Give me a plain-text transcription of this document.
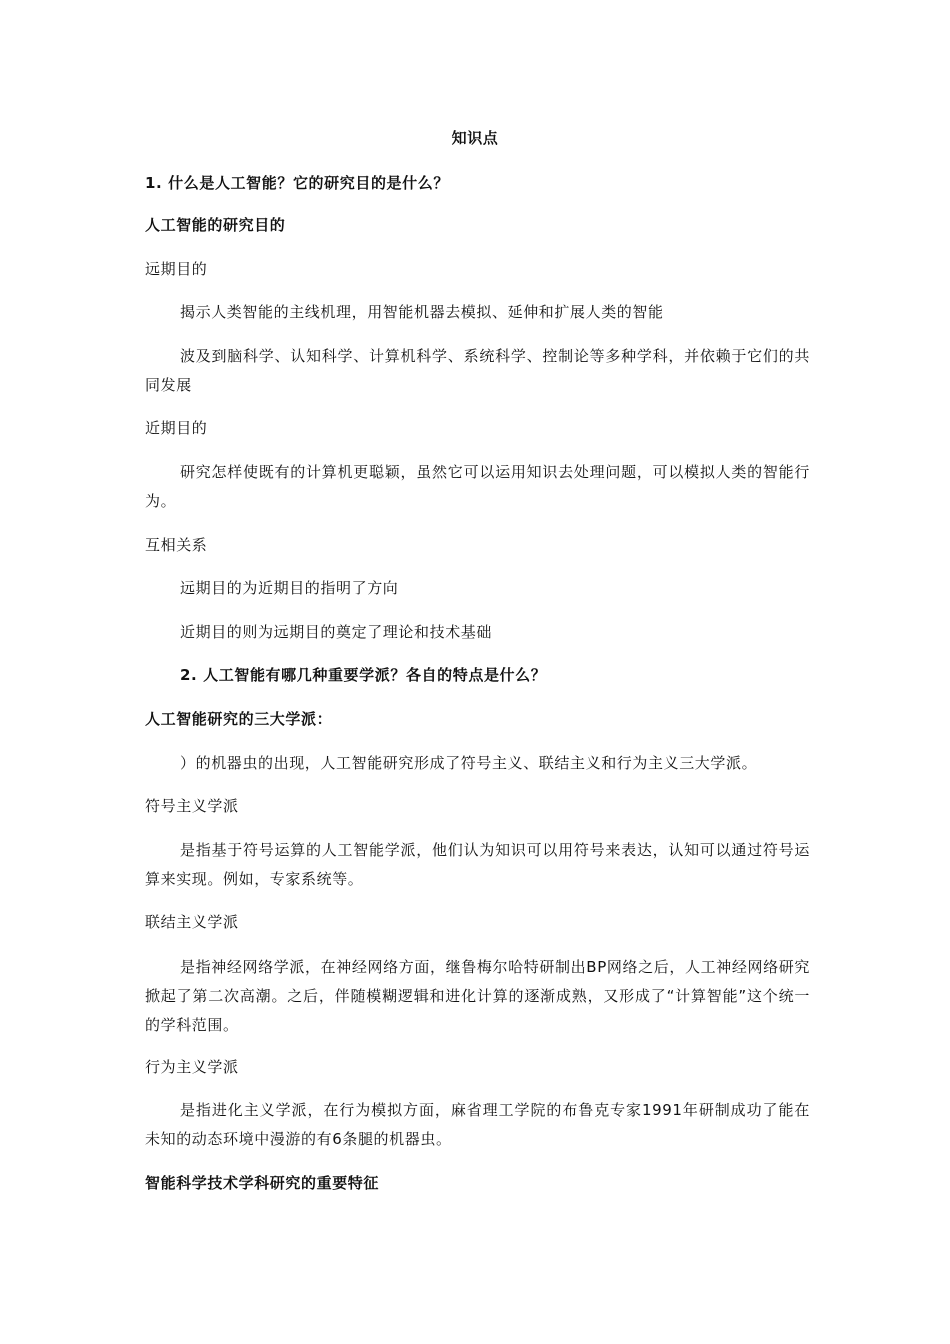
知识点
1. 什么是人工智能？它的研究目的是什么？
人工智能的研究目的
远期目的
揭示人类智能的主线机理，用智能机器去模拟、延伸和扩展人类的智能
波及到脑科学、认知科学、计算机科学、系统科学、控制论等多种学科，并依赖于它们的共同发展
近期目的
研究怎样使既有的计算机更聪颖，虽然它可以运用知识去处理问题，可以模拟人类的智能行为。
互相关系
远期目的为近期目的指明了方向
近期目的则为远期目的奠定了理论和技术基础
2. 人工智能有哪几种重要学派？各自的特点是什么？
人工智能研究的三大学派：
）的机器虫的出现，人工智能研究形成了符号主义、联结主义和行为主义三大学派。
符号主义学派
是指基于符号运算的人工智能学派，他们认为知识可以用符号来表达，认知可以通过符号运算来实现。例如，专家系统等。
联结主义学派
是指神经网络学派，在神经网络方面，继鲁梅尔哈特研制出BP网络之后，人工神经网络研究掀起了第二次高潮。之后，伴随模糊逻辑和进化计算的逐渐成熟，又形成了“计算智能”这个统一的学科范围。
行为主义学派
是指进化主义学派，在行为模拟方面，麻省理工学院的布鲁克专家1991年研制成功了能在未知的动态环境中漫游的有6条腿的机器虫。
智能科学技术学科研究的重要特征
